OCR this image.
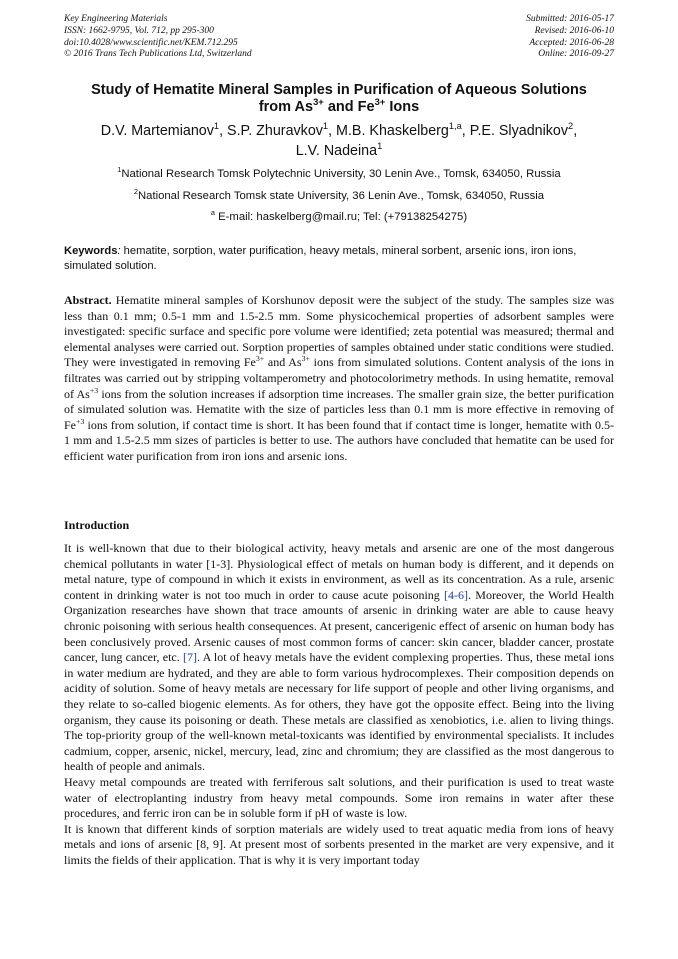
Key Engineering Materials
ISSN: 1662-9795, Vol. 712, pp 295-300
doi:10.4028/www.scientific.net/KEM.712.295
© 2016 Trans Tech Publications Ltd, Switzerland
Submitted: 2016-05-17
Revised: 2016-06-10
Accepted: 2016-06-28
Online: 2016-09-27
Study of Hematite Mineral Samples in Purification of Aqueous Solutions
from $As^{3+}$ and $Fe^{3+}$ Ions
D.V. Martemianov$^1$, S.P. Zhuravkov$^1$, M.B. Khaskelberg$^{1,a}$, P.E. Slyadnikov$^2$,
L.V. Nadeina$^1$
$^1$National Research Tomsk Polytechnic University, 30 Lenin Ave., Tomsk, 634050, Russia
$^2$National Research Tomsk state University, 36 Lenin Ave., Tomsk, 634050, Russia
$^a$ E-mail: haskelberg@mail.ru; Tel: (+79138254275)
Keywords: hematite, sorption, water purification, heavy metals, mineral sorbent, arsenic ions, iron ions, simulated solution.
Abstract. Hematite mineral samples of Korshunov deposit were the subject of the study. The samples size was less than 0.1 mm; 0.5-1 mm and 1.5-2.5 mm. Some physicochemical properties of adsorbent samples were investigated: specific surface and specific pore volume were identified; zeta potential was measured; thermal and elemental analyses were carried out. Sorption properties of samples obtained under static conditions were studied. They were investigated in removing $Fe^{3+}$ and $As^{3+}$ ions from simulated solutions. Content analysis of the ions in filtrates was carried out by stripping voltamperometry and photocolorimetry methods. In using hematite, removal of $As^{+3}$ ions from the solution increases if adsorption time increases. The smaller grain size, the better purification of simulated solution was. Hematite with the size of particles less than 0.1 mm is more effective in removing of $Fe^{+3}$ ions from solution, if contact time is short. It has been found that if contact time is longer, hematite with 0.5-1 mm and 1.5-2.5 mm sizes of particles is better to use. The authors have concluded that hematite can be used for efficient water purification from iron ions and arsenic ions.
Introduction

It is well-known that due to their biological activity, heavy metals and arsenic are one of the most dangerous chemical pollutants in water [1-3]. Physiological effect of metals on human body is different, and it depends on metal nature, type of compound in which it exists in environment, as well as its concentration. As a rule, arsenic content in drinking water is not too much in order to cause acute poisoning [4-6]. Moreover, the World Health Organization researches have shown that trace amounts of arsenic in drinking water are able to cause heavy chronic poisoning with serious health consequences. At present, cancerigenic effect of arsenic on human body has been conclusively proved. Arsenic causes of most common forms of cancer: skin cancer, bladder cancer, prostate cancer, lung cancer, etc. [7]. A lot of heavy metals have the evident complexing properties. Thus, these metal ions in water medium are hydrated, and they are able to form various hydrocomplexes. Their composition depends on acidity of solution. Some of heavy metals are necessary for life support of people and other living organisms, and they relate to so-called biogenic elements. As for others, they have got the opposite effect. Being into the living organism, they cause its poisoning or death. These metals are classified as xenobiotics, i.e. alien to living things. The top-priority group of the well-known metal-toxicants was identified by environmental specialists. It includes cadmium, copper, arsenic, nickel, mercury, lead, zinc and chromium; they are classified as the most dangerous to health of people and animals.

Heavy metal compounds are treated with ferriferous salt solutions, and their purification is used to treat waste water of electroplanting industry from heavy metal compounds. Some iron remains in water after these procedures, and ferric iron can be in soluble form if pH of waste is low.

It is known that different kinds of sorption materials are widely used to treat aquatic media from ions of heavy metals and ions of arsenic [8, 9]. At present most of sorbents presented in the market are very expensive, and it limits the fields of their application. That is why it is very important today
